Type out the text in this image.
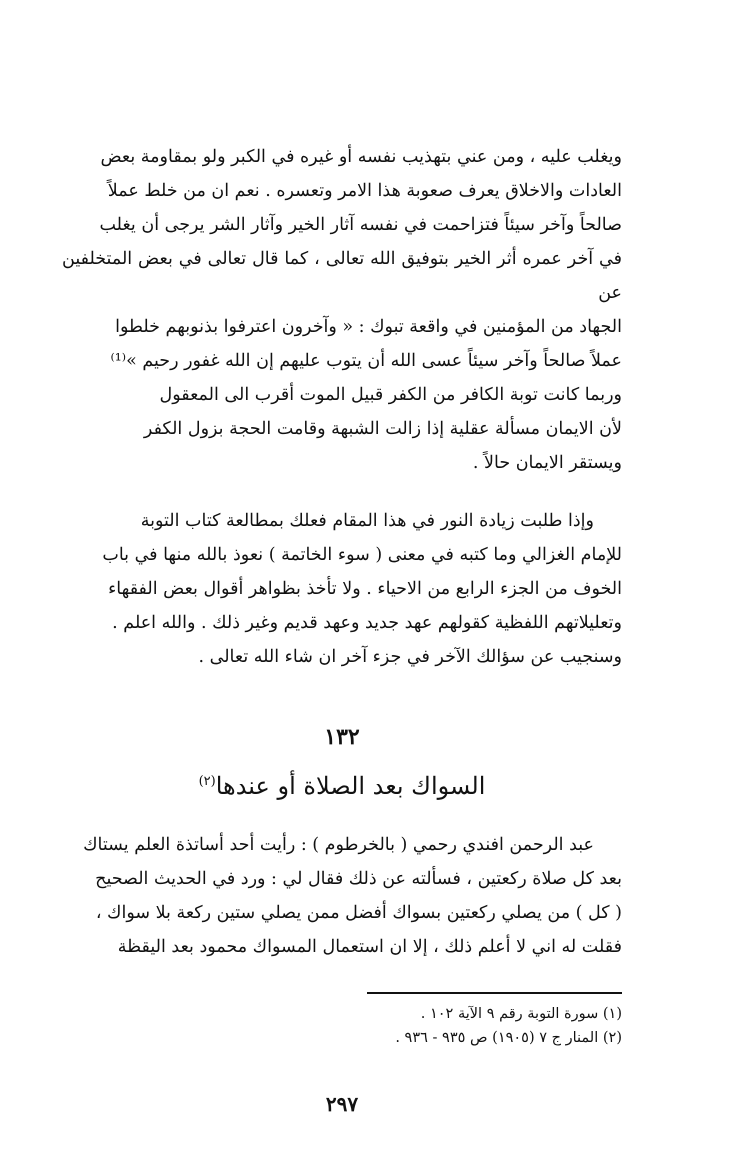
ويغلب عليه ، ومن عني بتهذيب نفسه أو غيره في الكبر ولو بمقاومة بعض

العادات والاخلاق يعرف صعوبة هذا الامر وتعسره . نعم ان من خلط عملاً

صالحاً وآخر سيئاً فتزاحمت في نفسه آثار الخير وآثار الشر يرجى أن يغلب

في آخر عمره أثر الخير بتوفيق الله تعالى ، كما قال تعالى في بعض المتخلفين عن

الجهاد من المؤمنين في واقعة تبوك : « وآخرون اعترفوا بذنوبهم خلطوا

عملاً صالحاً وآخر سيئاً عسى الله أن يتوب عليهم إن الله غفور رحيم »⁽¹⁾

وربما كانت توبة الكافر من الكفر قبيل الموت أقرب الى المعقول

لأن الايمان مسألة عقلية إذا زالت الشبهة وقامت الحجة بزول الكفر

ويستقر الايمان حالاً .

وإذا طلبت زيادة النور في هذا المقام فعلك بمطالعة كتاب التوبة

للإمام الغزالي وما كتبه في معنى ( سوء الخاتمة ) نعوذ بالله منها في باب

الخوف من الجزء الرابع من الاحياء . ولا تأخذ بظواهر أقوال بعض الفقهاء

وتعليلاتهم اللفظية كقولهم عهد جديد وعهد قديم وغير ذلك . والله اعلم .

وسنجيب عن سؤالك الآخر في جزء آخر ان شاء الله تعالى .

١٣٢
السواك بعد الصلاة أو عندها$^{(٢)}$

عبد الرحمن افندي رحمي ( بالخرطوم ) : رأيت أحد أساتذة العلم يستاك

بعد كل صلاة ركعتين ، فسألته عن ذلك فقال لي : ورد في الحديث الصحيح

( كل ) من يصلي ركعتين بسواك أفضل ممن يصلي ستين ركعة بلا سواك ،

فقلت له اني لا أعلم ذلك ، إلا ان استعمال المسواك محمود بعد اليقظة

(١) سورة التوبة رقم ٩ الآية ١٠٢ .

(٢) المنار ج ٧ (١٩٠٥) ص ٩٣٥ - ٩٣٦ .

٢٩٧
